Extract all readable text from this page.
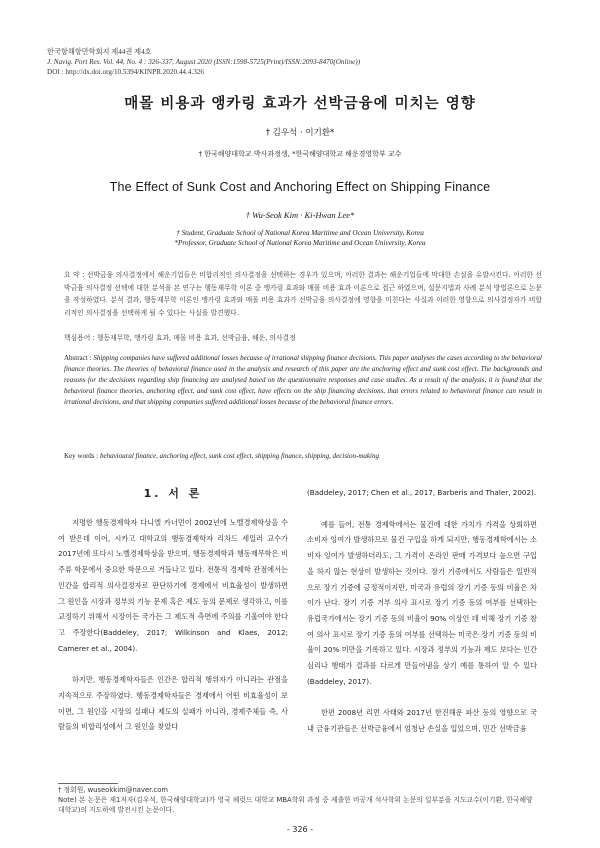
한국항해항만학회지 제44권 제4호
J. Navig. Port Res. Vol. 44, No. 4 : 326-337, August 2020 (ISSN:1598-5725(Print)/ISSN:2093-8470(Online))
DOI : http://dx.doi.org/10.5394/KINPR.2020.44.4.326
매몰 비용과 앵카링 효과가 선박금융에 미치는 영향
† 김우석 · 이기환*
† 한국해양대학교 박사과정생, *한국해양대학교 해운경영학부 교수
The Effect of Sunk Cost and Anchoring Effect on Shipping Finance
† Wu-Seok Kim · Ki-Hwan Lee*
† Student, Graduate School of National Korea Maritime and Ocean University, Korea
*Professor, Graduate School of National Korea Maritime and Ocean University, Korea
요 약 : 선박금융 의사결정에서 해운기업들은 비합리적인 의사결정을 선택하는 경우가 있으며, 이러한 결과는 해운기업들에 막대한 손실을 유발시킨다. 이러한 선박금융 의사결정 선택에 대한 분석을 본 연구는 행동재무학 이론 중 앵카링 효과와 매몰 비용 효과 이론으로 접근 하였으며, 설문지법과 사례 분석 방법론으로 논문을 작성하였다. 분석 결과, 행동재무학 이론인 앵카링 효과와 매몰 비용 효과가 선박금융 의사결정에 영향을 미친다는 사실과 이러한 영향으로 의사결정자가 비합리적인 의사결정을 선택하게 될 수 있다는 사실을 발견했다.
핵심용어 : 행동재무학, 앵카링 효과, 매몰 비용 효과, 선박금융, 해운, 의사결정
Abstract : Shipping companies have suffered additional losses because of irrational shipping finance decisions. This paper analyses the cases according to the behavioral finance theories. The theories of behavioral finance used in the analysis and research of this paper are the anchoring effect and sunk cost effect. The backgrounds and reasons for the decisions regarding ship financing are analysed based on the questionnaire responses and case studies. As a result of the analysis, it is found that the behavioral finance theories, anchoring effect, and sunk cost effect, have effects on the ship financing decisions, that errors related to behavioral finance can result in irrational decisions, and that shipping companies suffered additional losses because of the behavioral finance errors.
Key words : behavioural finance, anchoring effect, sunk cost effect, shipping finance, shipping, decision-making
1. 서 론

지명한 행동경제학자 다니엘 카너먼이 2002년에 노벨경제학상을 수여 받은데 이어, 시카고 대학교의 행동경제학자 리차드 세일러 교수가 2017년에 또다시 노벨경제학상을 받으며, 행동경제학과 행동재무학은 비주류 학문에서 중요한 학문으로 거듭나고 있다. 전통적 경제학 관점에서는 인간을 합리적 의사결정자로 판단하기에 경제에서 비효율성이 발생하면 그 원인을 시장과 정부의 기능 문제 혹은 제도 등의 문제로 생각하고, 이를 교정하기 위해서 시장이든 국가든 그 제도적 측면에 주의를 기울여야 한다고 주장한다(Baddeley, 2017; Wilkinson and Klaes, 2012; Camerer et al., 2004).

하지만, 행동경제학자들은 인간은 합리적 행위자가 아니라는 관점을 지속적으로 주장하였다. 행동경제학자들은 경제에서 어떤 비효율성이 보이면, 그 원인을 시장의 실패나 제도의 실패가 아니라, 경제주체들 즉, 사람들의 비합리성에서 그 원인을 찾았다

(Baddeley, 2017; Chen et al., 2017, Barberis and Thaler, 2002).

예를 들어, 전통 경제학에서는 물건에 대한 가치가 가격을 상회하면 소비자 잉여가 발생하므로 물건 구입을 하게 되지만, 행동경제학에서는 소비자 잉여가 발생하더라도, 그 가격이 온라인 판매 가격보다 높으면 구입을 하지 않는 현상이 발생하는 것이다. 장기 기증에서도 사람들은 일반적으로 장기 기증에 긍정적이지만, 미국과 유럽의 장기 기증 동의 비율은 차이가 난다. 장기 기증 거부 의사 표시로 장기 기증 동의 여부를 선택하는 유럽국가에서는 장기 기증 동의 비율이 90% 이상인 데 비해 장기 기증 참여 의사 표시로 장기 기증 동의 여부를 선택하는 미국은 장기 기증 동의 비율이 20% 미만을 기록하고 있다. 시장과 정부의 기능과 제도 보다는 인간 심리나 행태가 결과를 다르게 만들어냄을 상기 예를 통하여 알 수 있다(Baddeley, 2017).

한편 2008년 리먼 사태와 2017년 한진해운 파산 등의 영향으로 국내 금융기관들은 선박금융에서 엄청난 손실을 입었으며, 민간 선박금융

† 정회원, wuseokkim@naver.com
Note) 본 논문은 제1저자(김우석, 한국해양대학교)가 영국 헤럿드 대학교 MBA학위 과정 중 제출한 비공개 석사학위 논문의 일부분을 지도교수(이기환, 한국해양대학교)의 지도하에 발전시킨 논문이다.
- 326 -
